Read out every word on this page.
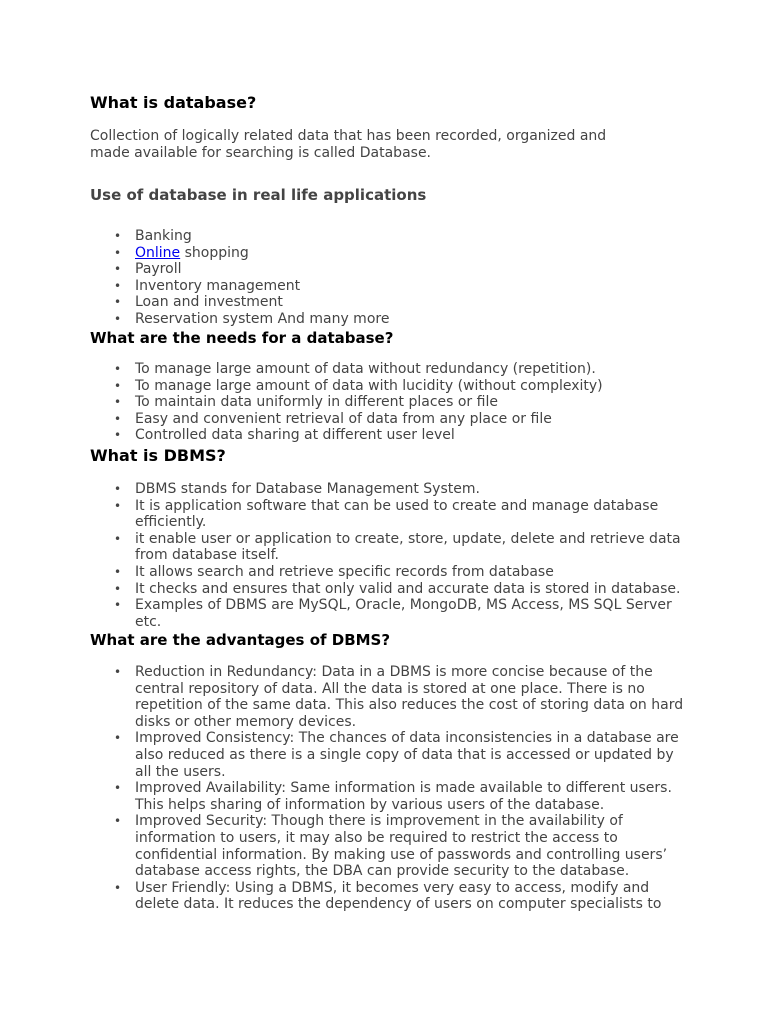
What is database?

Collection of logically related data that has been recorded, organized and made available for searching is called Database.

Use of database in real life applications
• Banking
• Online shopping
• Payroll
• Inventory management
• Loan and investment
• Reservation system And many more
What are the needs for a database?
• To manage large amount of data without redundancy (repetition).
• To manage large amount of data with lucidity (without complexity)
• To maintain data uniformly in different places or file
• Easy and convenient retrieval of data from any place or file
• Controlled data sharing at different user level
What is DBMS?
• DBMS stands for Database Management System.
• It is application software that can be used to create and manage database efficiently.
• it enable user or application to create, store, update, delete and retrieve data from database itself.
• It allows search and retrieve specific records from database
• It checks and ensures that only valid and accurate data is stored in database.
• Examples of DBMS are MySQL, Oracle, MongoDB, MS Access, MS SQL Server etc.
What are the advantages of DBMS?
• Reduction in Redundancy: Data in a DBMS is more concise because of the central repository of data. All the data is stored at one place. There is no repetition of the same data. This also reduces the cost of storing data on hard disks or other memory devices.
• Improved Consistency: The chances of data inconsistencies in a database are also reduced as there is a single copy of data that is accessed or updated by all the users.
• Improved Availability: Same information is made available to different users. This helps sharing of information by various users of the database.
• Improved Security: Though there is improvement in the availability of information to users, it may also be required to restrict the access to confidential information. By making use of passwords and controlling users’ database access rights, the DBA can provide security to the database.
• User Friendly: Using a DBMS, it becomes very easy to access, modify and delete data. It reduces the dependency of users on computer specialists to
